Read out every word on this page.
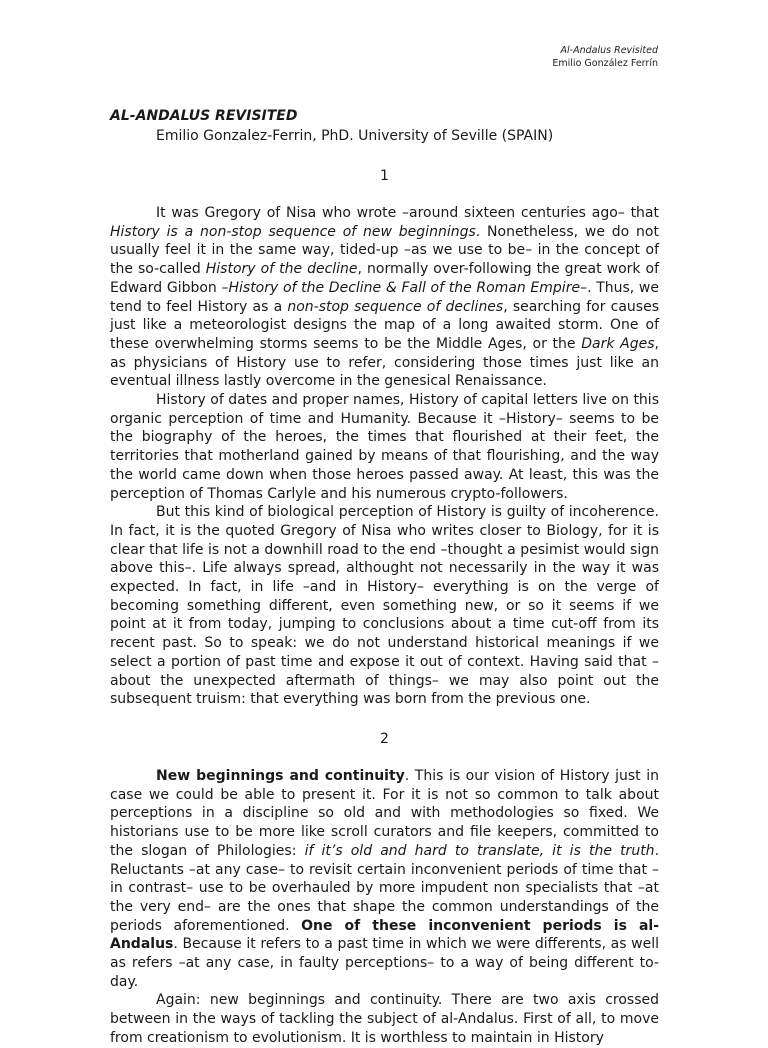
Al-Andalus Revisited
Emilio González Ferrín
AL-ANDALUS REVISITED

Emilio Gonzalez-Ferrin, PhD. University of Seville (SPAIN)

1

It was Gregory of Nisa who wrote –around sixteen centuries ago– that History is a non-stop sequence of new beginnings. Nonetheless, we do not usually feel it in the same way, tided-up –as we use to be– in the concept of the so-called History of the decline, normally over-following the great work of Edward Gibbon –History of the Decline & Fall of the Roman Empire–. Thus, we tend to feel History as a non-stop sequence of declines, searching for causes just like a meteorologist designs the map of a long awaited storm. One of these overwhelming storms seems to be the Middle Ages, or the Dark Ages, as physicians of History use to refer, considering those times just like an eventual illness lastly overcome in the genesical Renaissance.

History of dates and proper names, History of capital letters live on this organic perception of time and Humanity. Because it –History– seems to be the biography of the heroes, the times that flourished at their feet, the territories that motherland gained by means of that flourishing, and the way the world came down when those heroes passed away. At least, this was the perception of Thomas Carlyle and his numerous crypto-followers.

But this kind of biological perception of History is guilty of incoherence. In fact, it is the quoted Gregory of Nisa who writes closer to Biology, for it is clear that life is not a downhill road to the end –thought a pesimist would sign above this–. Life always spread, althought not necessarily in the way it was expected. In fact, in life –and in History– everything is on the verge of becoming something different, even something new, or so it seems if we point at it from today, jumping to conclusions about a time cut-off from its recent past. So to speak: we do not understand historical meanings if we select a portion of past time and expose it out of context. Having said that –about the unexpected aftermath of things– we may also point out the subsequent truism: that everything was born from the previous one.

2

New beginnings and continuity. This is our vision of History just in case we could be able to present it. For it is not so common to talk about perceptions in a discipline so old and with methodologies so fixed. We historians use to be more like scroll curators and file keepers, committed to the slogan of Philologies: if it’s old and hard to translate, it is the truth. Reluctants –at any case– to revisit certain inconvenient periods of time that –in contrast– use to be overhauled by more impudent non specialists that –at the very end– are the ones that shape the common understandings of the periods aforementioned. One of these inconvenient periods is al-Andalus. Because it refers to a past time in which we were differents, as well as refers –at any case, in faulty perceptions– to a way of being different to-day.

Again: new beginnings and continuity. There are two axis crossed between in the ways of tackling the subject of al-Andalus. First of all, to move from creationism to evolutionism. It is worthless to maintain in History
